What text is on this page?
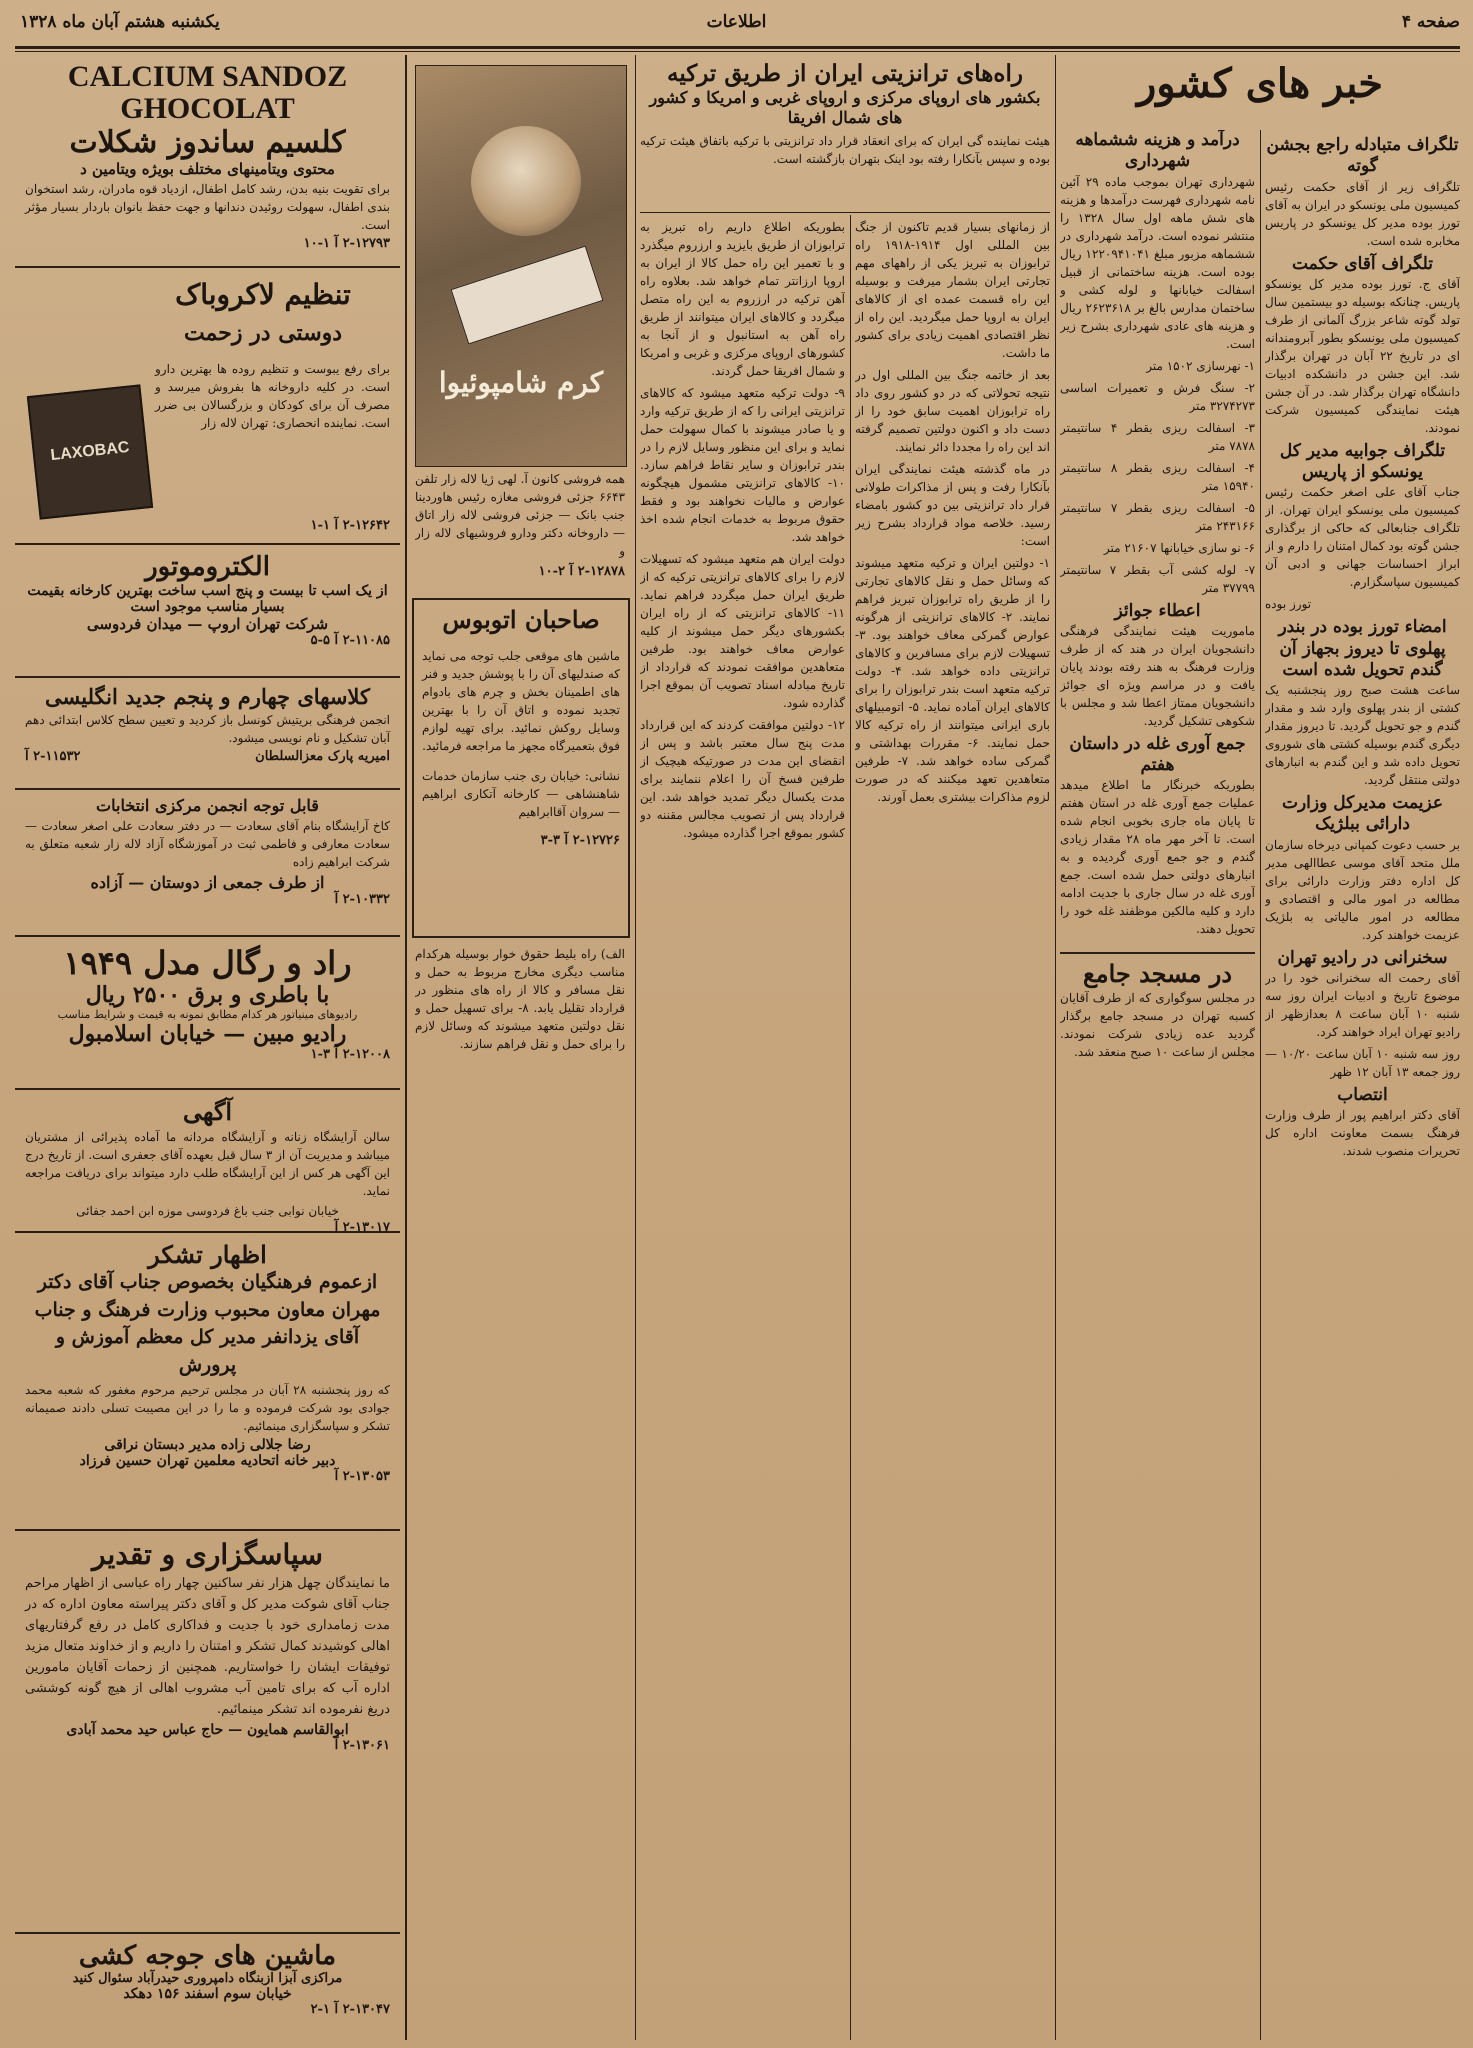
صفحه ۴
اطلاعات
یکشنبه هشتم آبان ماه ۱۳۲۸
خبر های کشور
تلگراف متبادله راجع بجشن گوته

تلگراف زیر از آقای حکمت رئیس کمیسیون ملی یونسکو در ایران به آقای تورز بوده مدیر کل یونسکو در پاریس مخابره شده است.

تلگراف آقای حکمت

آقای ج. تورز بوده مدیر کل یونسکو پاریس. چنانکه بوسیله دو بیستمین سال تولد گوته شاعر بزرگ آلمانی از طرف کمیسیون ملی یونسکو بطور آبرومندانه ای در تاریخ ۲۲ آبان در تهران برگذار شد. این جشن در دانشکده ادبیات دانشگاه تهران برگذار شد. در آن جشن هیئت نمایندگی کمیسیون شرکت نمودند.

تلگراف جوابیه مدیر کل یونسکو از پاریس

جناب آقای علی اصغر حکمت رئیس کمیسیون ملی یونسکو ایران تهران. از تلگراف جنابعالی که حاکی از برگذاری جشن گوته بود کمال امتنان را دارم و از ابراز احساسات جهانی و ادبی آن کمیسیون سپاسگزارم.

تورز بوده

امضاء تورز بوده در بندر پهلوی تا دیروز بجهاز آن گندم تحویل شده است

ساعت هشت صبح روز پنجشنبه یک کشتی از بندر پهلوی وارد شد و مقدار گندم و جو تحویل گردید. تا دیروز مقدار دیگری گندم بوسیله کشتی های شوروی تحویل داده شد و این گندم به انبارهای دولتی منتقل گردید.

عزیمت مدیرکل وزارت دارائی ببلژیک

بر حسب دعوت کمپانی دیرخاه سازمان ملل متحد آقای موسی عطاالهی مدیر کل اداره دفتر وزارت دارائی برای مطالعه در امور مالی و اقتصادی و مطالعه در امور مالیاتی به بلژیک عزیمت خواهند کرد.

سخنرانی در رادیو تهران

آقای رحمت اله سخنرانی خود را در موضوع تاریخ و ادبیات ایران روز سه شنبه ۱۰ آبان ساعت ۸ بعدازظهر از رادیو تهران ایراد خواهند کرد.

روز سه شنبه ۱۰ آبان ساعت ۱۰/۲۰ — روز جمعه ۱۳ آبان ۱۲ ظهر

انتصاب

آقای دکتر ابراهیم پور از طرف وزارت فرهنگ بسمت معاونت اداره کل تحریرات منصوب شدند.

درآمد و هزینه ششماهه شهرداری

شهرداری تهران بموجب ماده ۲۹ آئین نامه شهرداری فهرست درآمدها و هزینه های شش ماهه اول سال ۱۳۲۸ را منتشر نموده است. درآمد شهرداری در ششماهه مزبور مبلغ ۱۲۲۰۹۴۱۰۴۱ ریال بوده است. هزینه ساختمانی از قبیل اسفالت خیابانها و لوله کشی و ساختمان مدارس بالغ بر ۲۶۲۳۶۱۸ ریال و هزینه های عادی شهرداری بشرح زیر است.

۱- نهرسازی ۱۵۰۲ متر

۲- سنگ فرش و تعمیرات اساسی ۳۲۷۴۲۷۳ متر

۳- اسفالت ریزی بقطر ۴ سانتیمتر ۷۸۷۸ متر

۴- اسفالت ریزی بقطر ۸ سانتیمتر ۱۵۹۴۰ متر

۵- اسفالت ریزی بقطر ۷ سانتیمتر ۲۴۳۱۶۶ متر

۶- نو سازی خیابانها ۲۱۶۰۷ متر

۷- لوله کشی آب بقطر ۷ سانتیمتر ۳۷۷۹۹ متر

اعطاء جوائز

ماموریت هیئت نمایندگی فرهنگی دانشجویان ایران در هند که از طرف وزارت فرهنگ به هند رفته بودند پایان یافت و در مراسم ویژه ای جوائز دانشجویان ممتاز اعطا شد و مجلس با شکوهی تشکیل گردید.

جمع آوری غله در داستان هفتم

بطوریکه خبرنگار ما اطلاع میدهد عملیات جمع آوری غله در استان هفتم تا پایان ماه جاری بخوبی انجام شده است. تا آخر مهر ماه ۲۸ مقدار زیادی گندم و جو جمع آوری گردیده و به انبارهای دولتی حمل شده است. جمع آوری غله در سال جاری با جدیت ادامه دارد و کلیه مالکین موظفند غله خود را تحویل دهند.

در مسجد جامع

در مجلس سوگواری که از طرف آقایان کسبه تهران در مسجد جامع برگذار گردید عده زیادی شرکت نمودند. مجلس از ساعت ۱۰ صبح منعقد شد.

راه‌های ترانزیتی ایران از طریق ترکیه
بکشور های اروپای مرکزی و اروپای غربی و امریکا و کشور های شمال افریقا

هیئت نماینده گی ایران که برای انعقاد قرار داد ترانزیتی با ترکیه باتفاق هیئت ترکیه بوده و سپس بآنکارا رفته بود اینک بتهران بازگشته است.

از زمانهای بسیار قدیم تاکنون از جنگ بین المللی اول ۱۹۱۴-۱۹۱۸ راه ترابوزان به تبریز یکی از راههای مهم تجارتی ایران بشمار میرفت و بوسیله این راه قسمت عمده ای از کالاهای ایران به اروپا حمل میگردید. این راه از نظر اقتصادی اهمیت زیادی برای کشور ما داشت.

بعد از خاتمه جنگ بین المللی اول در نتیجه تحولاتی که در دو کشور روی داد راه ترابوزان اهمیت سابق خود را از دست داد و اکنون دولتین تصمیم گرفته اند این راه را مجددا دائر نمایند.

در ماه گذشته هیئت نمایندگی ایران بآنکارا رفت و پس از مذاکرات طولانی قرار داد ترانزیتی بین دو کشور بامضاء رسید. خلاصه مواد قرارداد بشرح زیر است:

۱- دولتین ایران و ترکیه متعهد میشوند که وسائل حمل و نقل کالاهای تجارتی را از طریق راه ترابوزان تبریز فراهم نمایند. ۲- کالاهای ترانزیتی از هرگونه عوارض گمرکی معاف خواهند بود. ۳- تسهیلات لازم برای مسافرین و کالاهای ترانزیتی داده خواهد شد. ۴- دولت ترکیه متعهد است بندر ترابوزان را برای کالاهای ایران آماده نماید. ۵- اتومبیلهای باری ایرانی میتوانند از راه ترکیه کالا حمل نمایند. ۶- مقررات بهداشتی و گمرکی ساده خواهد شد. ۷- طرفین متعاهدین تعهد میکنند که در صورت لزوم مذاکرات بیشتری بعمل آورند.

بطوریکه اطلاع داریم راه تبریز به ترابوزان از طریق بایزید و ارزروم میگذرد و با تعمیر این راه حمل کالا از ایران به اروپا ارزانتر تمام خواهد شد. بعلاوه راه آهن ترکیه در ارزروم به این راه متصل میگردد و کالاهای ایران میتوانند از طریق راه آهن به استانبول و از آنجا به کشورهای اروپای مرکزی و غربی و امریکا و شمال افریقا حمل گردند.

۹- دولت ترکیه متعهد میشود که کالاهای ترانزیتی ایرانی را که از طریق ترکیه وارد و یا صادر میشوند با کمال سهولت حمل نماید و برای این منظور وسایل لازم را در بندر ترابوزان و سایر نقاط فراهم سازد. ۱۰- کالاهای ترانزیتی مشمول هیچگونه عوارض و مالیات نخواهند بود و فقط حقوق مربوط به خدمات انجام شده اخذ خواهد شد.

دولت ایران هم متعهد میشود که تسهیلات لازم را برای کالاهای ترانزیتی ترکیه که از طریق ایران حمل میگردد فراهم نماید. ۱۱- کالاهای ترانزیتی که از راه ایران بکشورهای دیگر حمل میشوند از کلیه عوارض معاف خواهند بود. طرفین متعاهدین موافقت نمودند که قرارداد از تاریخ مبادله اسناد تصویب آن بموقع اجرا گذارده شود.

۱۲- دولتین موافقت کردند که این قرارداد مدت پنج سال معتبر باشد و پس از انقضای این مدت در صورتیکه هیچیک از طرفین فسخ آن را اعلام ننمایند برای مدت یکسال دیگر تمدید خواهد شد. این قرارداد پس از تصویب مجالس مقننه دو کشور بموقع اجرا گذارده میشود.

کرم شامپوئیوا

همه فروشی کانون آ. لهی ژیا لاله زار تلفن ۶۶۴۳ جزئی فروشی مغازه رئیس هاوردینا جنب بانک — جزئی فروشی لاله زار اتاق — داروخانه دکتر ودارو فروشیهای لاله زار و

۲-۱۲۸۷۸ آ ۲-۱۰
صاحبان اتوبوس

ماشین های موقعی جلب توجه می نماید که صندلیهای آن را با پوشش جدید و فنر های اطمینان بخش و چرم های بادوام تجدید نموده و اتاق آن را با بهترین وسایل روکش نمائید. برای تهیه لوازم فوق بتعمیرگاه مجهز ما مراجعه فرمائید.

نشانی: خیابان ری جنب سازمان خدمات شاهنشاهی — کارخانه آتکاری ابراهیم — سروان آقاابراهیم

۲-۱۲۷۲۶ آ ۳-۳

الف) راه بلیط حقوق خوار بوسیله هرکدام مناسب دیگری مخارج مربوط به حمل و نقل مسافر و کالا از راه های منظور در قرارداد تقلیل یابد. ۸- برای تسهیل حمل و نقل دولتین متعهد میشوند که وسائل لازم را برای حمل و نقل فراهم سازند.

CALCIUM SANDOZ
GHOCOLAT
کلسیم ساندوز شکلات
محتوی ویتامینهای مختلف بویژه ویتامین د

برای تقویت بنیه بدن، رشد کامل اطفال، ازدیاد قوه مادران، رشد استخوان بندی اطفال، سهولت روئیدن دندانها و جهت حفظ بانوان باردار بسیار مؤثر است.

۲-۱۲۷۹۳ آ ۱-۱۰
تنظیم لاکروباک
دوستی در زحمت
LAXOBAC

برای رفع یبوست و تنظیم روده ها بهترین دارو است. در کلیه داروخانه ها بفروش میرسد و مصرف آن برای کودکان و بزرگسالان بی ضرر است. نماینده انحصاری: تهران لاله زار

۲-۱۲۶۴۲ آ ۱-۱
الکتروموتور
از یک اسب تا بیست و پنج اسب ساخت بهترین کارخانه بقیمت بسیار مناسب موجود است
شرکت تهران اروپ — میدان فردوسی
۲-۱۱۰۸۵ آ ۵-۵
کلاسهای چهارم و پنجم جدید انگلیسی

انجمن فرهنگی بریتیش کونسل باز کردید و تعیین سطح کلاس ابتدائی دهم آبان تشکیل و نام نویسی میشود.

امیریه پارک معزالسلطان
۲-۱۱۵۳۲ آ
قابل توجه انجمن مرکزی انتخابات

کاخ آرایشگاه بنام آقای سعادت — در دفتر سعادت علی اصغر سعادت — سعادت معارفی و فاطمی ثبت در آموزشگاه آزاد لاله زار شعبه متعلق به شرکت ابراهیم زاده

از طرف جمعی از دوستان — آزاده
۲-۱۰۳۳۲ آ
راد و رگال مدل ۱۹۴۹
با باطری و برق ۲۵۰۰ ریال
رادیوهای مینیاتور هر کدام مطابق نمونه به قیمت و شرایط مناسب
رادیو مبین — خیابان اسلامبول
۲-۱۲۰۰۸ آ ۳-۱
آگهی

سالن آرایشگاه زنانه و آرایشگاه مردانه ما آماده پذیرائی از مشتریان میباشد و مدیریت آن از ۳ سال قبل بعهده آقای جعفری است. از تاریخ درج این آگهی هر کس از این آرایشگاه طلب دارد میتواند برای دریافت مراجعه نماید.

خیابان نوابی جنب باغ فردوسی موزه ابن احمد جفائی
۲-۱۳۰۱۷ آ
اظهار تشکر
ازعموم فرهنگیان بخصوص جناب آقای دکتر مهران معاون محبوب وزارت فرهنگ و جناب آقای یزدانفر مدیر کل معظم آموزش و پرورش

که روز پنجشنبه ۲۸ آبان در مجلس ترحیم مرحوم مغفور که شعبه محمد جوادی بود شرکت فرموده و ما را در این مصیبت تسلی دادند صمیمانه تشکر و سپاسگزاری مینمائیم.

رضا جلالی زاده مدیر دبستان نراقی
دبیر خانه اتحادیه معلمین تهران حسین فرزاد
۲-۱۳۰۵۳ آ
سپاسگزاری و تقدیر

ما نمایندگان چهل هزار نفر ساکنین چهار راه عباسی از اظهار مراحم جناب آقای شوکت مدیر کل و آقای دکتر پیراسته معاون اداره که در مدت زمامداری خود با جدیت و فداکاری کامل در رفع گرفتاریهای اهالی کوشیدند کمال تشکر و امتنان را داریم و از خداوند متعال مزید توفیقات ایشان را خواستاریم. همچنین از زحمات آقایان مامورین اداره آب که برای تامین آب مشروب اهالی از هیچ گونه کوششی دریغ نفرموده اند تشکر مینمائیم.

ابوالقاسم همایون — حاج عباس حید محمد آبادی
۲-۱۳۰۶۱ آ
ماشین های جوجه کشی
مراکزی آبزا ازبنگاه دامپروری حیدرآباد سئوال کنید
خیابان سوم اسفند ۱۵۶ دهکد
۲-۱۳۰۴۷ آ ۱-۲
